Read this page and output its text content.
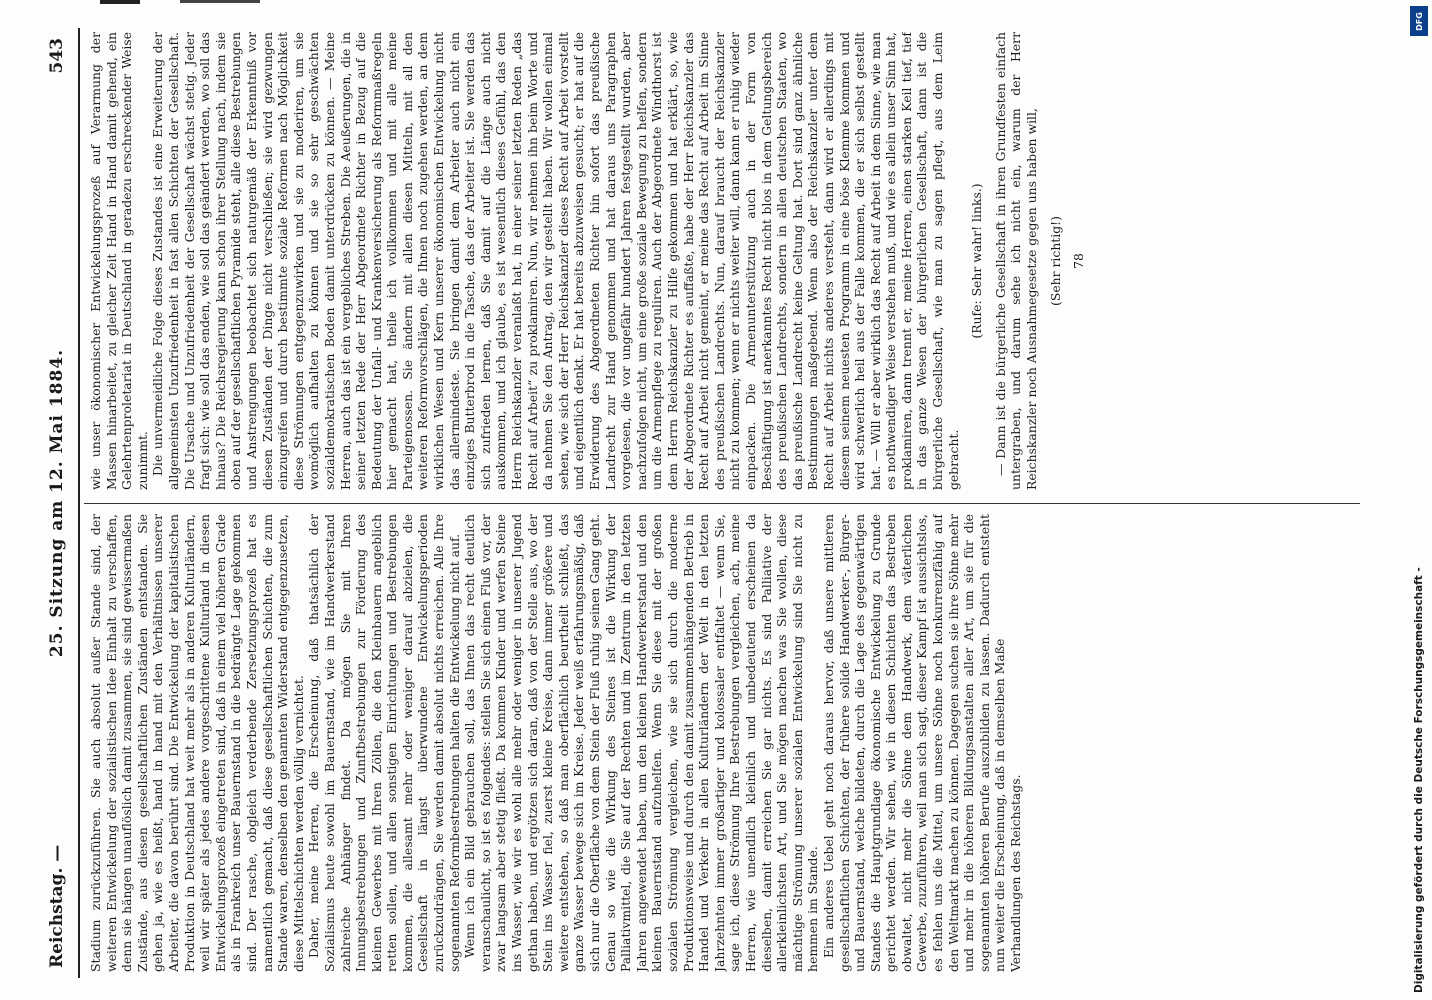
Reichstag. —
25. Sitzung am 12. Mai 1884.
543

Stadium zurückzuführen. Sie auch absolut außer Stande sind, der weiteren Entwickelung der sozialistischen Idee Einhalt zu verschaffen, denn sie hängen unauflöslich damit zusammen, sie sind gewissermaßen Zustände, aus diesen gesellschaftlichen Zuständen entstanden. Sie gehen ja, wie es heißt, hand in hand mit den Verhältnissen unserer Arbeiter, die davon berührt sind. Die Entwickelung der kapitalistischen Produktion in Deutschland hat weit mehr als in anderen Kulturländern, weil wir später als jedes andere vorgeschrittene Kulturland in diesen Entwickelungsprozeß eingetreten sind, daß in einem viel höheren Grade als in Frankreich unser Bauernstand in die bedrängte Lage gekommen sind. Der rasche, obgleich verderbende Zersetzungsprozeß hat es namentlich gemacht, daß diese gesellschaftlichen Schichten, die zum Stande waren, denselben den genannten Widerstand entgegenzusetzen, diese Mittelschichten werden völlig vernichtet. Daher, meine Herren, die Erscheinung, daß thatsächlich der Sozialismus heute sowohl im Bauernstand, wie im Handwerkerstand zahlreiche Anhänger findet. Da mögen Sie mit Ihren Innungsbestrebungen und Zunftbestrebungen zur Förderung des kleinen Gewerbes mit Ihren Zöllen, die den Kleinbauern angeblich retten sollen, und allen sonstigen Einrichtungen und Bestrebungen kommen, die allesamt mehr oder weniger darauf abzielen, die Gesellschaft in längst überwundene Entwickelungsperioden zurückzudrängen, Sie werden damit absolut nichts erreichen. Alle Ihre sogenannten Reformbestrebungen halten die Entwickelung nicht auf. Wenn ich ein Bild gebrauchen soll, das Ihnen das recht deutlich veranschaulicht, so ist es folgendes: stellen Sie sich einen Fluß vor, der zwar langsam aber stetig fließt. Da kommen Kinder und werfen Steine ins Wasser, wie wir es wohl alle mehr oder weniger in unserer Jugend gethan haben, und ergötzen sich daran, daß von der Stelle aus, wo der Stein ins Wasser fiel, zuerst kleine Kreise, dann immer größere und weitere entstehen, so daß man oberflächlich beurtheilt schließt, das ganze Wasser bewege sich im Kreise. Jeder weiß erfahrungsmäßig, daß sich nur die Oberfläche von dem Stein der Fluß ruhig seinen Gang geht. Genau so wie die Wirkung des Steines ist die Wirkung der Palliativmittel, die Sie auf der Rechten und im Zentrum in den letzten Jahren angewendet haben, um den kleinen Handwerkerstand und den kleinen Bauernstand aufzuhelfen. Wenn Sie diese mit der großen sozialen Strömung vergleichen, wie sie sich durch die moderne Produktionsweise und durch den damit zusammenhängenden Betrieb in Handel und Verkehr in allen Kulturländern der Welt in den letzten Jahrzehnten immer großartiger und kolossaler entfaltet — wenn Sie, sage ich, diese Strömung Ihre Bestrebungen vergleichen, ach, meine Herren, wie unendlich kleinlich und unbedeutend erscheinen da dieselben, damit erreichen Sie gar nichts. Es sind Palliative der allerkleinlichsten Art, und Sie mögen machen was Sie wollen, diese mächtige Strömung unserer sozialen Entwickelung sind Sie nicht zu hemmen im Stande. Ein anderes Uebel geht noch daraus hervor, daß unsere mittleren gesellschaftlichen Schichten, der frühere solide Handwerker-, Bürger- und Bauernstand, welche bildeten, durch die Lage des gegenwärtigen Standes die Hauptgrundlage ökonomische Entwickelung zu Grunde gerichtet werden. Wir sehen, wie in diesen Schichten das Bestreben obwaltet, nicht mehr die Söhne dem Handwerk, dem väterlichen Gewerbe, zuzuführen, weil man sich sagt, dieser Kampf ist aussichtslos, es fehlen uns die Mittel, um unsere Söhne noch konkurrenzfähig auf den Weltmarkt machen zu können. Dagegen suchen sie ihre Söhne mehr und mehr in die höheren Bildungsanstalten aller Art, um sie für die sogenannten höheren Berufe auszubilden zu lassen. Dadurch entsteht nun weiter die Erscheinung, daß in demselben Maße Verhandlungen des Reichstags.

wie unser ökonomischer Entwickelungsprozeß auf Verarmung der Massen hinarbeitet, zu gleicher Zeit Hand in Hand damit gehend, ein Gelehrtenproletariat in Deutschland in geradezu erschreckender Weise zunimmt. Die unvermeidliche Folge dieses Zustandes ist eine Erweiterung der allgemeinsten Unzufriedenheit in fast allen Schichten der Gesellschaft. Die Ursache und Unzufriedenheit der Gesellschaft wächst stetig. Jeder fragt sich: wie soll das enden, wie soll das geändert werden, wo soll das hinaus? Die Reichsregierung kann schon ihrer Stellung nach, indem sie oben auf der gesellschaftlichen Pyramide steht, alle diese Bestrebungen und Anstrengungen beobachtet sich naturgemäß der Erkenntniß vor diesen Zuständen der Dinge nicht verschließen; sie wird gezwungen einzugreifen und durch bestimmte soziale Reformen nach Möglichkeit diese Strömungen entgegenzuwirken und sie zu moderiren, um sie womöglich aufhalten zu können und sie so sehr geschwächten sozialdemokratischen Boden damit unterdrücken zu können. — Meine Herren, auch das ist ein vergebliches Streben. Die Aeußerungen, die in seiner letzten Rede der Herr Abgeordnete Richter in Bezug auf die Bedeutung der Unfall- und Krankenversicherung als Reformmaßregeln hier gemacht hat, theile ich vollkommen und mit alle meine Parteigenossen. Sie ändern mit allen diesen Mitteln, mit all den weiteren Reformvorschlägen, die Ihnen noch zugehen werden, an dem wirklichen Wesen und Kern unserer ökonomischen Entwickelung nicht das allermindeste. Sie bringen damit dem Arbeiter auch nicht ein einziges Butterbrod in die Tasche, das der Arbeiter ist. Sie werden das sich zufrieden lernen, daß Sie damit auf die Länge auch nicht auskommen, und ich glaube, es ist wesentlich dieses Gefühl, das den Herrn Reichskanzler veranlaßt hat, in einer seiner letzten Reden „das Recht auf Arbeit“ zu proklamiren. Nun, wir nehmen ihn beim Worte und da nehmen Sie den Antrag, den wir gestellt haben. Wir wollen einmal sehen, wie sich der Herr Reichskanzler dieses Recht auf Arbeit vorstellt und eigentlich denkt. Er hat bereits abzuweisen gesucht; er hat auf die Erwiderung des Abgeordneten Richter hin sofort das preußische Landrecht zur Hand genommen und hat daraus uns Paragraphen vorgelesen, die vor ungefähr hundert Jahren festgestellt wurden, aber nachzufolgen nicht, um eine große soziale Bewegung zu helfen, sondern um die Armenpflege zu reguliren. Auch der Abgeordnete Windthorst ist dem Herrn Reichskanzler zu Hilfe gekommen und hat erklärt, so, wie der Abgeordnete Richter es auffaßte, habe der Herr Reichskanzler das Recht auf Arbeit nicht gemeint, er meine das Recht auf Arbeit im Sinne des preußischen Landrechts. Nun, darauf braucht der Reichskanzler nicht zu kommen; wenn er nichts weiter will, dann kann er ruhig wieder einpacken. Die Armenunterstützung auch in der Form von Beschäftigung ist anerkanntes Recht nicht blos in dem Geltungsbereich des preußischen Landrechts, sondern in allen deutschen Staaten, wo das preußische Landrecht keine Geltung hat. Dort sind ganz ähnliche Bestimmungen maßgebend. Wenn also der Reichskanzler unter dem Recht auf Arbeit nichts anderes versteht, dann wird er allerdings mit diesem seinem neuesten Programm in eine böse Klemme kommen und wird schwerlich heil aus der Falle kommen, die er sich selbst gestellt hat. — Will er aber wirklich das Recht auf Arbeit in dem Sinne, wie man es nothwendiger Weise verstehen muß, und wie es allein unser Sinn hat, proklamiren, dann trennt er, meine Herren, einen starken Keil tief, tief in das ganze Wesen der bürgerlichen Gesellschaft, dann ist die bürgerliche Gesellschaft, wie man zu sagen pflegt, aus dem Leim gebracht.

(Rufe: Sehr wahr! links.) — Dann ist die bürgerliche Gesellschaft in ihren Grundfesten einfach untergraben, und darum sehe ich nicht ein, warum der Herr Reichskanzler noch Ausnahmegesetze gegen uns haben will, (Sehr richtig!) 78

Digitalisierung gefördert durch die Deutsche Forschungsgemeinschaft -
DFG
